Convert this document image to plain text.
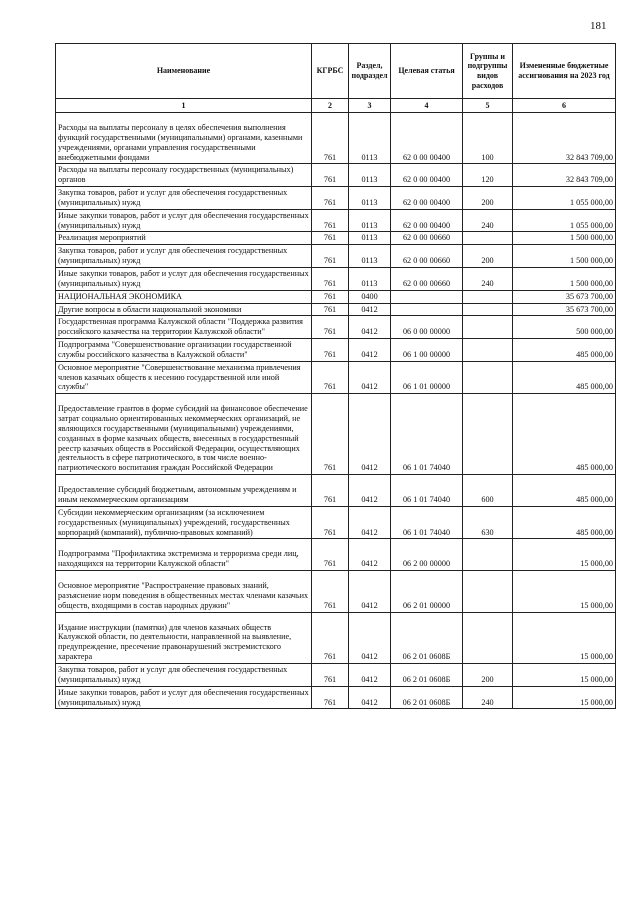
181
Наименование	КГРБС	Раздел, подраздел	Целевая статья	Группы и подгруппы видов расходов	Измененные бюджетные ассигнования на 2023 год
1	2	3	4	5	6

Расходы на выплаты персоналу в целях обеспечения выполнения функций государственными (муниципальными) органами, казенными учреждениями, органами управления государственными внебюджетными фондами	761	0113	62 0 00 00400	100	32 843 709,00
Расходы на выплаты персоналу государственных (муниципальных) органов	761	0113	62 0 00 00400	120	32 843 709,00
Закупка товаров, работ и услуг для обеспечения государственных (муниципальных) нужд	761	0113	62 0 00 00400	200	1 055 000,00
Иные закупки товаров, работ и услуг для обеспечения государственных (муниципальных) нужд	761	0113	62 0 00 00400	240	1 055 000,00
Реализация мероприятий	761	0113	62 0 00 00660		1 500 000,00
Закупка товаров, работ и услуг для обеспечения государственных (муниципальных) нужд	761	0113	62 0 00 00660	200	1 500 000,00
Иные закупки товаров, работ и услуг для обеспечения государственных (муниципальных) нужд	761	0113	62 0 00 00660	240	1 500 000,00
НАЦИОНАЛЬНАЯ ЭКОНОМИКА	761	0400			35 673 700,00
Другие вопросы в области национальной экономики	761	0412			35 673 700,00
Государственная программа Калужской области "Поддержка развития российского казачества на территории Калужской области"	761	0412	06 0 00 00000		500 000,00
Подпрограмма "Совершенствование организации государственной службы российского казачества в Калужской области"	761	0412	06 1 00 00000		485 000,00
Основное мероприятие "Совершенствование механизма привлечения членов казачьих обществ к несению государственной или иной службы"	761	0412	06 1 01 00000		485 000,00

Предоставление грантов в форме субсидий на финансовое обеспечение затрат социально ориентированных некоммерческих организаций, не являющихся государственными (муниципальными) учреждениями, созданных в форме казачьих обществ, внесенных в государственный реестр казачьих обществ в Российской Федерации, осуществляющих деятельность в сфере патриотического, в том числе военно-патриотического воспитания граждан Российской Федерации	761	0412	06 1 01 74040		485 000,00

Предоставление субсидий бюджетным, автономным учреждениям и иным некоммерческим организациям	761	0412	06 1 01 74040	600	485 000,00
Субсидии некоммерческим организациям (за исключением государственных (муниципальных) учреждений, государственных корпораций (компаний), публично-правовых компаний)	761	0412	06 1 01 74040	630	485 000,00

Подпрограмма "Профилактика экстремизма и терроризма среди лиц, находящихся на территории Калужской области"	761	0412	06 2 00 00000		15 000,00

Основное мероприятие "Распространение правовых знаний, разъяснение норм поведения в общественных местах членами казачьих обществ, входящими в состав народных дружин"	761	0412	06 2 01 00000		15 000,00

Издание инструкции (памятки) для членов казачьих обществ Калужской области, по деятельности, направленной на выявление, предупреждение, пресечение правонарушений экстремистского характера	761	0412	06 2 01 0608Б		15 000,00
Закупка товаров, работ и услуг для обеспечения государственных (муниципальных) нужд	761	0412	06 2 01 0608Б	200	15 000,00
Иные закупки товаров, работ и услуг для обеспечения государственных (муниципальных) нужд	761	0412	06 2 01 0608Б	240	15 000,00
